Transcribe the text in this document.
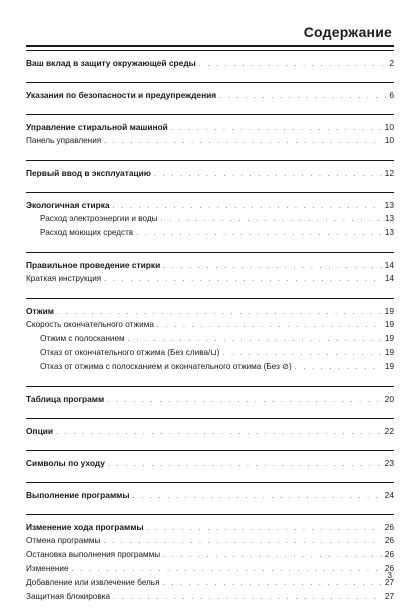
Содержание
Ваш вклад в защиту окружающей среды . . .	2
Указания по безопасности и предупреждения . . .	6
Управление стиральной машиной . . .	10
Панель управления . . .	10
Первый ввод в эксплуатацию . . .	12
Экологичная стирка . . .	13
Расход электроэнергии и воды . . .	13
Расход моющих средств . . .	13
Правильное проведение стирки . . .	14
Краткая инструкция . . .	14
Отжим . . .	19
Скорость окончательного отжима . . .	19
Отжим с полосканием . . .	19
Отказ от окончательного отжима (Без слива/⊔) . . .	19
Отказ от отжима с полосканием и окончательного отжима (Без ⊘) . . .	19
Таблица программ . . .	20
Опции . . .	22
Символы по уходу . . .	23
Выполнение программы . . .	24
Изменение хода программы . . .	26
Отмена программы . . .	26
Остановка выполнения программы . . .	26
Изменение . . .	26
Добавление или извлечение белья . . .	27
Защитная блокировка . . .	27
3
